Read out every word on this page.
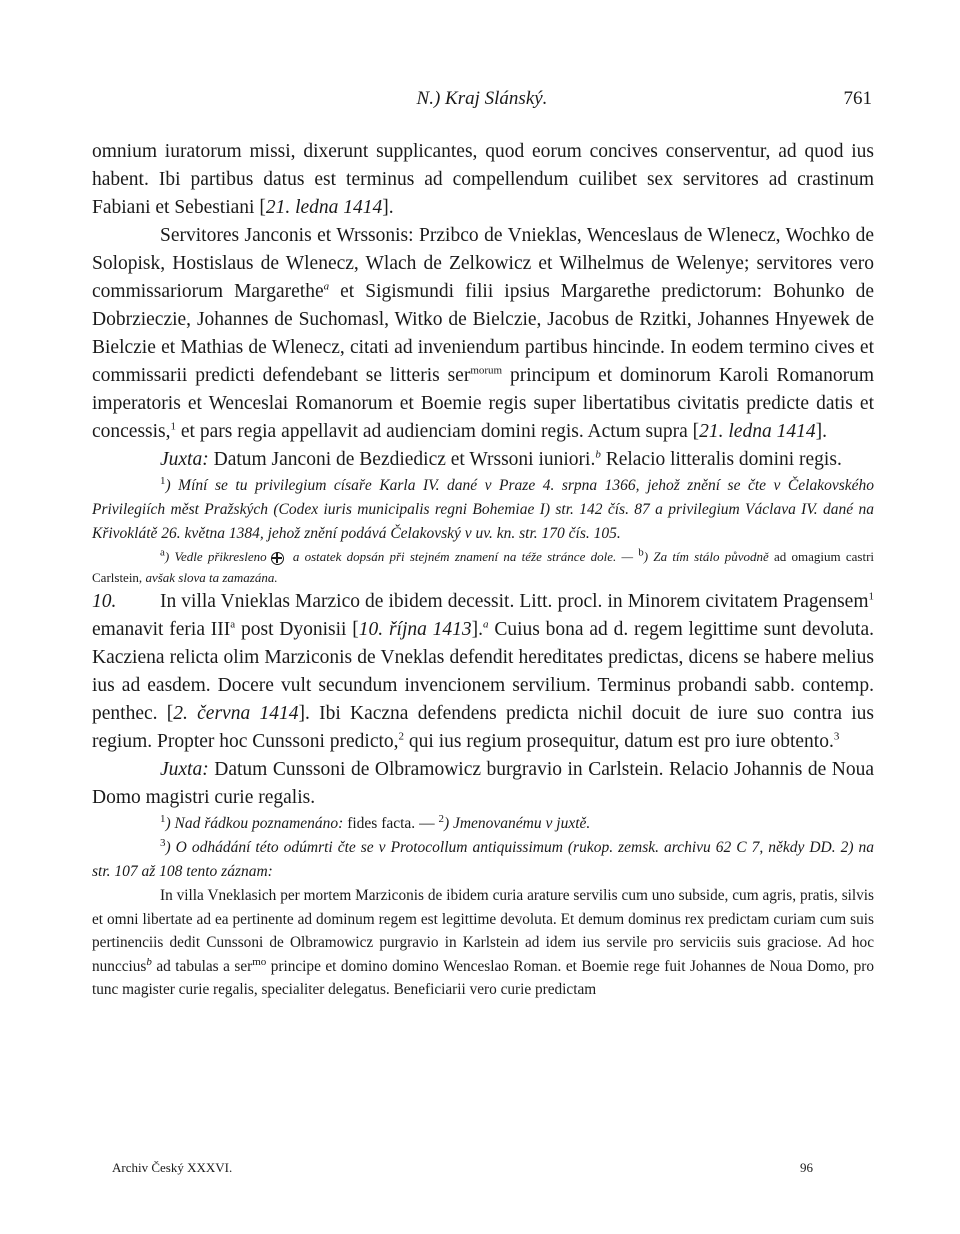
N.) Kraj Slánský.	761

omnium iuratorum missi, dixerunt supplicantes, quod eorum concives conserventur, ad quod ius habent. Ibi partibus datus est terminus ad compellendum cuilibet sex servitores ad crastinum Fabiani et Sebestiani [21. ledna 1414].

Servitores Janconis et Wrssonis: Przibco de Vnieklas, Wenceslaus de Wlenecz, Wochko de Solopisk, Hostislaus de Wlenecz, Wlach de Zelkowicz et Wilhelmus de Welenye; servitores vero commissariorum Margarethe$^a$ et Sigismundi filii ipsius Margarethe predictorum: Bohunko de Dobrzieczie, Johannes de Suchomasl, Witko de Bielczie, Jacobus de Rzitki, Johannes Hnyewek de Bielczie et Mathias de Wlenecz, citati ad inveniendum partibus hincinde. In eodem termino cives et commissarii predicti defendebant se litteris ser$^{morum}$ principum et dominorum Karoli Romanorum imperatoris et Wenceslai Romanorum et Boemie regis super libertatibus civitatis predicte datis et concessis,$^1$ et pars regia appellavit ad audienciam domini regis. Actum supra [21. ledna 1414].

Juxta: Datum Janconi de Bezdiedicz et Wrssoni iuniori.$^b$ Relacio litteralis domini regis.

$^1$) Míní se tu privilegium císaře Karla IV. dané v Praze 4. srpna 1366, jehož znění se čte v Čelakovského Privilegiích měst Pražských (Codex iuris municipalis regni Bohemiae I) str. 142 čís. 87 a privilegium Václava IV. dané na Křivoklátě 26. května 1384, jehož znění podává Čelakovský v uv. kn. str. 170 čís. 105.

$^a$) Vedle přikresleno a ostatek dopsán při stejném znamení na téže stránce dole. — $^b$) Za tím stálo původně ad omagium castri Carlstein, avšak slova ta zamazána.

10. In villa Vnieklas Marzico de ibidem decessit. Litt. procl. in Minorem civitatem Pragensem$^1$ emanavit feria III$^a$ post Dyonisii [10. října 1413].$^a$ Cuius bona ad d. regem legittime sunt devoluta. Kacziena relicta olim Marziconis de Vneklas defendit hereditates predictas, dicens se habere melius ius ad easdem. Docere vult secundum invencionem servilium. Terminus probandi sabb. contemp. penthec. [2. června 1414]. Ibi Kaczna defendens predicta nichil docuit de iure suo contra ius regium. Propter hoc Cunssoni predicto,$^2$ qui ius regium prosequitur, datum est pro iure obtento.$^3$

Juxta: Datum Cunssoni de Olbramowicz burgravio in Carlstein. Relacio Johannis de Noua Domo magistri curie regalis.

$^1$) Nad řádkou poznamenáno: fides facta. — $^2$) Jmenovanému v juxtě.

$^3$) O odhádání této odúmrti čte se v Protocollum antiquissimum (rukop. zemsk. archivu 62 C 7, někdy DD. 2) na str. 107 až 108 tento záznam:

In villa Vneklasich per mortem Marziconis de ibidem curia arature servilis cum uno subside, cum agris, pratis, silvis et omni libertate ad ea pertinente ad dominum regem est legittime devoluta. Et demum dominus rex predictam curiam cum suis pertinenciis dedit Cunssoni de Olbramowicz purgravio in Karlstein ad idem ius servile pro serviciis suis graciose. Ad hoc nunccius$^b$ ad tabulas a ser$^{mo}$ principe et domino domino Wenceslao Roman. et Boemie rege fuit Johannes de Noua Domo, pro tunc magister curie regalis, specialiter delegatus. Beneficiarii vero curie predictam

Archiv Český XXXVI.	96
